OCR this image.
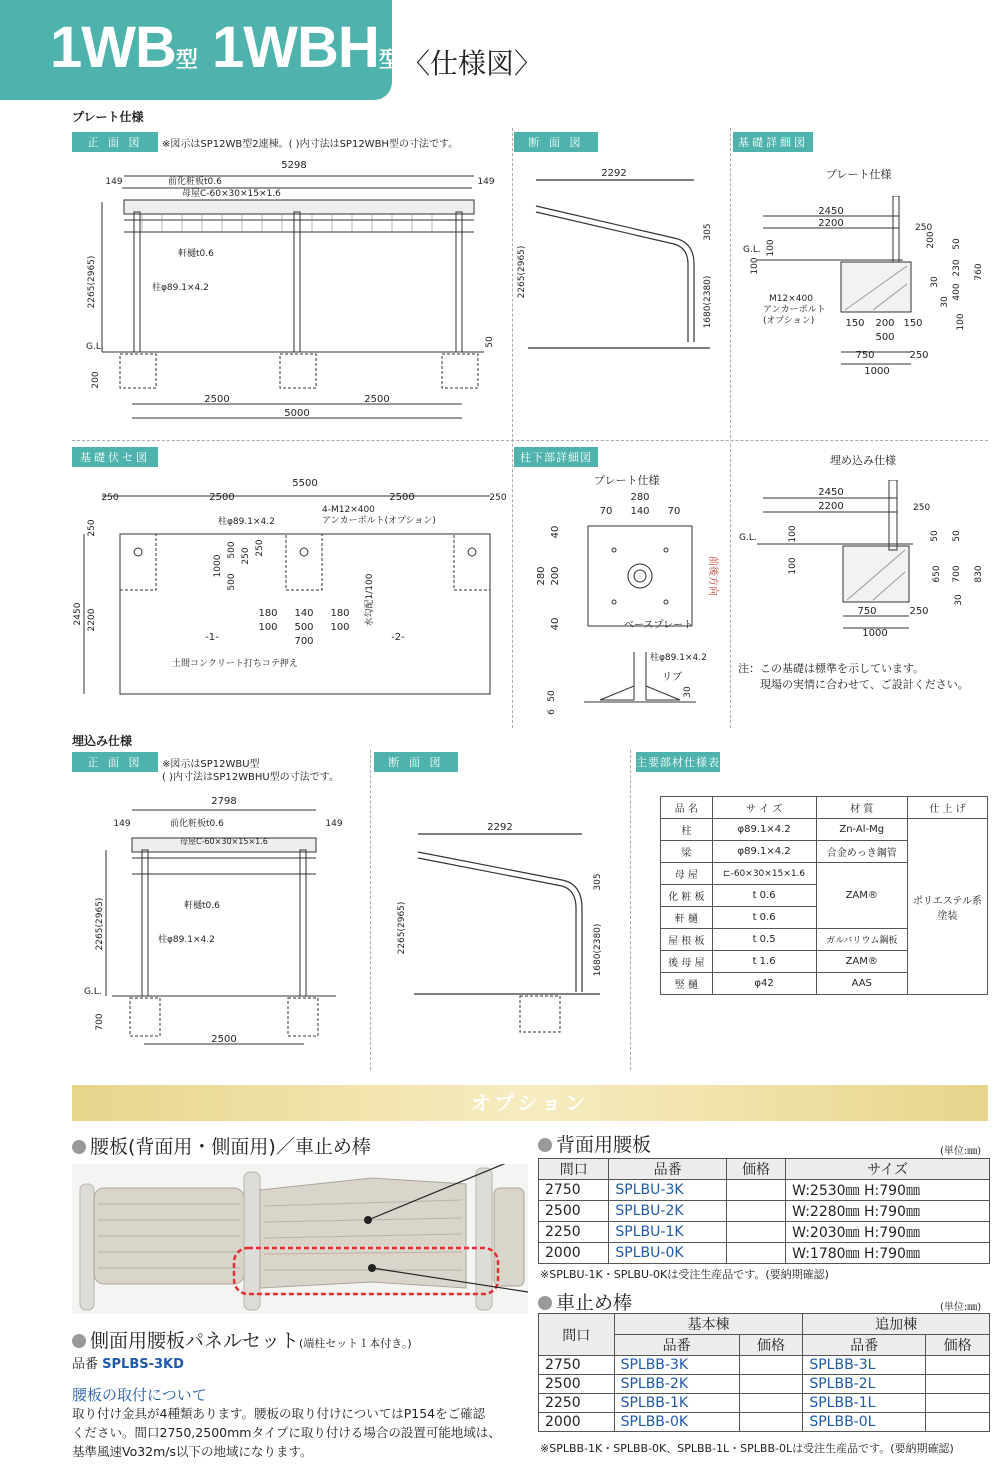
1WB型 1WBH型 〈仕様図〉
プレート仕様
正 面 図	※図示はSP12WB型2連棟。( )内寸法はSP12WBH型の寸法です。
5298
149	149
前化粧板t0.6
母屋C-60×30×15×1.6
軒樋t0.6
柱φ89.1×4.2
2265(2965)
G.L.	50
200
2500	2500
5000
断 面 図
2292
2265(2965)
305
1680(2380)
基礎詳細図
プレート仕様
2450
2200	250
200 50
100
230 760
30
400
30
100
G.L.
100
M12×400
アンカーボルト
(オプション)	150 200 150
500
750	250
1000
基礎伏セ図
5500
250	2500	2500	250
2450
250
2200
柱φ89.1×4.2
4-M12×400
アンカーボルト(オプション)
1000
500
500
250 250
水勾配1/100
180 140 180
100 500 100
700
-1-	-2-
土間コンクリート打ちコテ押え
柱下部詳細図
プレート仕様
280
70 140 70
280
40
200
40
前後方向
ベースプレート
柱φ89.1×4.2
リブ
6
50	30
埋め込み仕様
2450
2200	250
G.L.	100	50 50
100	650 700 830
30
750	250
1000
注：この基礎は標準を示しています。
現場の実情に合わせて、ご設計ください。
埋込み仕様
正 面 図	※図示はSP12WBU型
( )内寸法はSP12WBHU型の寸法です。
2798
149	149
前化粧板t0.6
母屋C-60×30×15×1.6
軒樋t0.6
柱φ89.1×4.2
2265(2965)
G.L.
700
2500
断 面 図
2292
2265(2965)
305
1680(2380)
主要部材仕様表
品 名	サ イ ズ	材 質	仕 上 げ
柱	φ89.1×4.2	Zn-Al-Mg	ポリエステル系塗装
梁	φ89.1×4.2	合金めっき鋼管	
母 屋	⊏-60×30×15×1.6	ZAM®	
化 粧 板	t 0.6		
軒 樋	t 0.6		
屋 根 板	t 0.5	ガルバリウム鋼板	
後 母 屋	t 1.6	ZAM®	
竪 樋	φ42	AAS	
オプション
腰板(背面用・側面用)／車止め棒
側面用腰板パネルセット(端柱セット１本付き。)
品番 SPLBS-3KD
腰板の取付について
取り付け金具が4種類あります。腰板の取り付けについてはP154をご確認
ください。間口2750,2500mmタイプに取り付ける場合の設置可能地域は、
基準風速Vo32m/s以下の地域になります。
背面用腰板	(単位:㎜)
間口	品番	価格	サイズ
2750	SPLBU-3K		W:2530㎜ H:790㎜
2500	SPLBU-2K		W:2280㎜ H:790㎜
2250	SPLBU-1K		W:2030㎜ H:790㎜
2000	SPLBU-0K		W:1780㎜ H:790㎜
※SPLBU-1K・SPLBU-0Kは受注生産品です。(要納期確認)
車止め棒	(単位:㎜)
間口	基本棟		追加棟	
	品番	価格	品番	価格
2750	SPLBB-3K		SPLBB-3L	
2500	SPLBB-2K		SPLBB-2L	
2250	SPLBB-1K		SPLBB-1L	
2000	SPLBB-0K		SPLBB-0L	
※SPLBB-1K・SPLBB-0K、SPLBB-1L・SPLBB-0Lは受注生産品です。(要納期確認)
